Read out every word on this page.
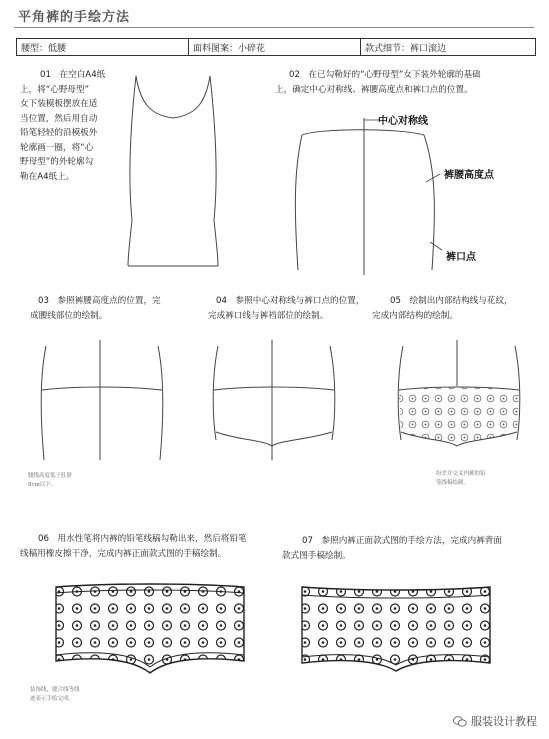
平角裤的手绘方法
腰型：低腰	面料图案：小碎花	款式细节：裤口滚边
01　在空白A4纸
上，将“心野母型”
女下装模板摆放在适
当位置，然后用自动
铅笔轻轻的沿模板外
轮廓画一圈，将“心
野母型”的外轮廓勾
勒在A4纸上。
02　在已勾勒好的“心野母型”女下装外轮廓的基础
上，确定中心对称线、裤腰高度点和裤口点的位置。
中心对称线
裤腰高度点
裤口点
03　参照裤腰高度点的位置，完
成腰线部位的绘制。
04　参照中心对称线与裤口点的位置，
完成裤口线与裤裆部位的绘制。
05　绘制出内部结构线与花纹，
完成内部结构的绘制。
腰线高度低于肚脐
8cm以下。
纷差并交叉内裤的铅
笔线稿绘制。
06　用水性笔将内裤的铅笔线稿勾勒出来，然后将铅笔
线稿用橡皮擦干净，完成内裤正面款式图的手稿绘制。
07　参照内裤正面款式图的手绘方法，完成内裤背面
款式图手稿绘制。
装饰线，缝合线等线
迹表示手绘完成。
服装设计教程
